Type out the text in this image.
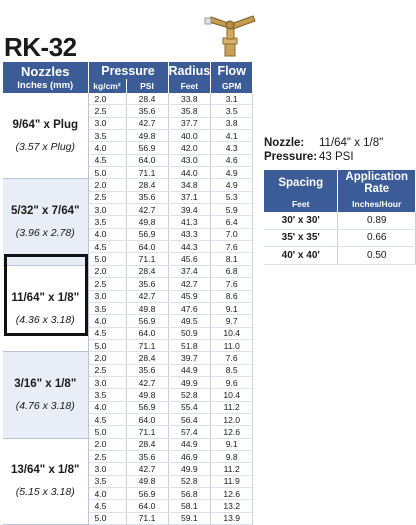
RK-32
Nozzles
Inches (mm)	Pressure		Radius	Flow
	kg/cm²	PSI	Feet	GPM

9/64" x Plug
(3.57 x Plug)	2.0	28.4	33.8	3.1
	2.5	35.6	35.8	3.5
	3.0	42.7	37.7	3.8
	3.5	49.8	40.0	4.1
	4.0	56.9	42.0	4.3
	4.5	64.0	43.0	4.6
	5.0	71.1	44.0	4.9

5/32" x 7/64"
(3.96 x 2.78)	2.0	28.4	34.8	4.9
	2.5	35.6	37.1	5.3
	3.0	42.7	39.4	5.9
	3.5	49.8	41.3	6.4
	4.0	56.9	43.3	7.0
	4.5	64.0	44.3	7.6
	5.0	71.1	45.6	8.1

11/64" x 1/8"
(4.36 x 3.18)	2.0	28.4	37.4	6.8
	2.5	35.6	42.7	7.6
	3.0	42.7	45.9	8.6
	3.5	49.8	47.6	9.1
	4.0	56.9	49.5	9.7
	4.5	64.0	50.9	10.4
	5.0	71.1	51.8	11.0

3/16" x 1/8"
(4.76 x 3.18)	2.0	28.4	39.7	7.6
	2.5	35.6	44.9	8.5
	3.0	42.7	49.9	9.6
	3.5	49.8	52.8	10.4
	4.0	56.9	55.4	11.2
	4.5	64.0	56.4	12.0
	5.0	71.1	57.4	12.6

13/64" x 1/8"
(5.15 x 3.18)	2.0	28.4	44.9	9.1
	2.5	35.6	46.9	9.8
	3.0	42.7	49.9	11.2
	3.5	49.8	52.8	11.9
	4.0	56.9	56.8	12.6
	4.5	64.0	58.1	13.2
	5.0	71.1	59.1	13.9
Nozzle: 11/64" x 1/8"
Pressure: 43 PSI
Spacing	Application Rate
Feet	Inches/Hour
30' x 30'	0.89
35' x 35'	0.66
40' x 40'	0.50
